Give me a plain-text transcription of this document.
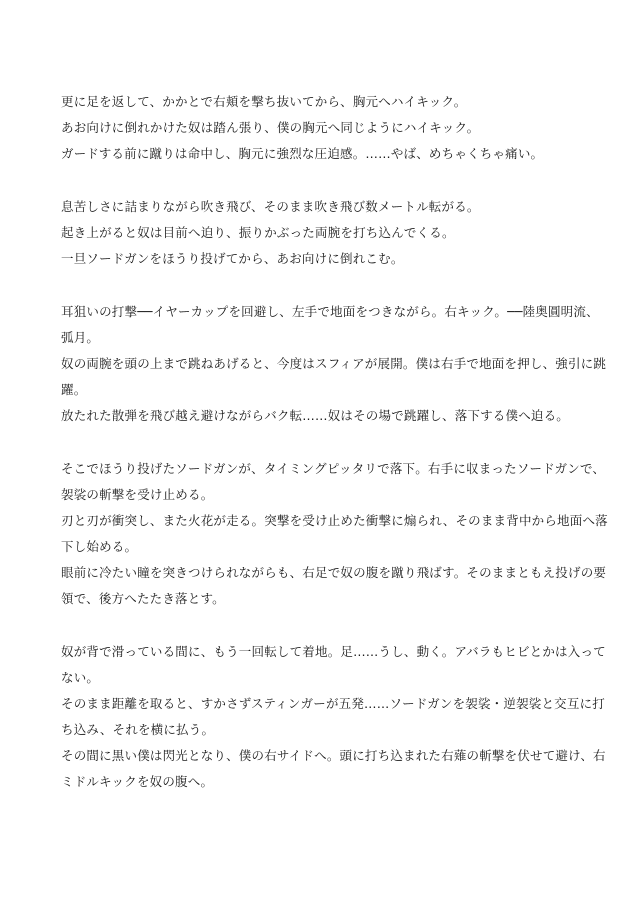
更に足を返して、かかとで右頬を撃ち抜いてから、胸元へハイキック。
あお向けに倒れかけた奴は踏ん張り、僕の胸元へ同じようにハイキック。
ガードする前に蹴りは命中し、胸元に強烈な圧迫感。……やば、めちゃくちゃ痛い。
息苦しさに詰まりながら吹き飛び、そのまま吹き飛び数メートル転がる。
起き上がると奴は目前へ迫り、振りかぶった両腕を打ち込んでくる。
一旦ソードガンをほうり投げてから、あお向けに倒れこむ。
耳狙いの打撃──イヤーカップを回避し、左手で地面をつきながら。右キック。──陸奥圓明流、
弧月。
奴の両腕を頭の上まで跳ねあげると、今度はスフィアが展開。僕は右手で地面を押し、強引に跳
躍。
放たれた散弾を飛び越え避けながらバク転……奴はその場で跳躍し、落下する僕へ迫る。
そこでほうり投げたソードガンが、タイミングピッタリで落下。右手に収まったソードガンで、
袈裟の斬撃を受け止める。
刃と刃が衝突し、また火花が走る。突撃を受け止めた衝撃に煽られ、そのまま背中から地面へ落
下し始める。
眼前に冷たい瞳を突きつけられながらも、右足で奴の腹を蹴り飛ばす。そのままともえ投げの要
領で、後方へたたき落とす。
奴が背で滑っている間に、もう一回転して着地。足……うし、動く。アバラもヒビとかは入って
ない。
そのまま距離を取ると、すかさずスティンガーが五発……ソードガンを袈裟・逆袈裟と交互に打
ち込み、それを横に払う。
その間に黒い僕は閃光となり、僕の右サイドへ。頭に打ち込まれた右薙の斬撃を伏せて避け、右
ミドルキックを奴の腹へ。
